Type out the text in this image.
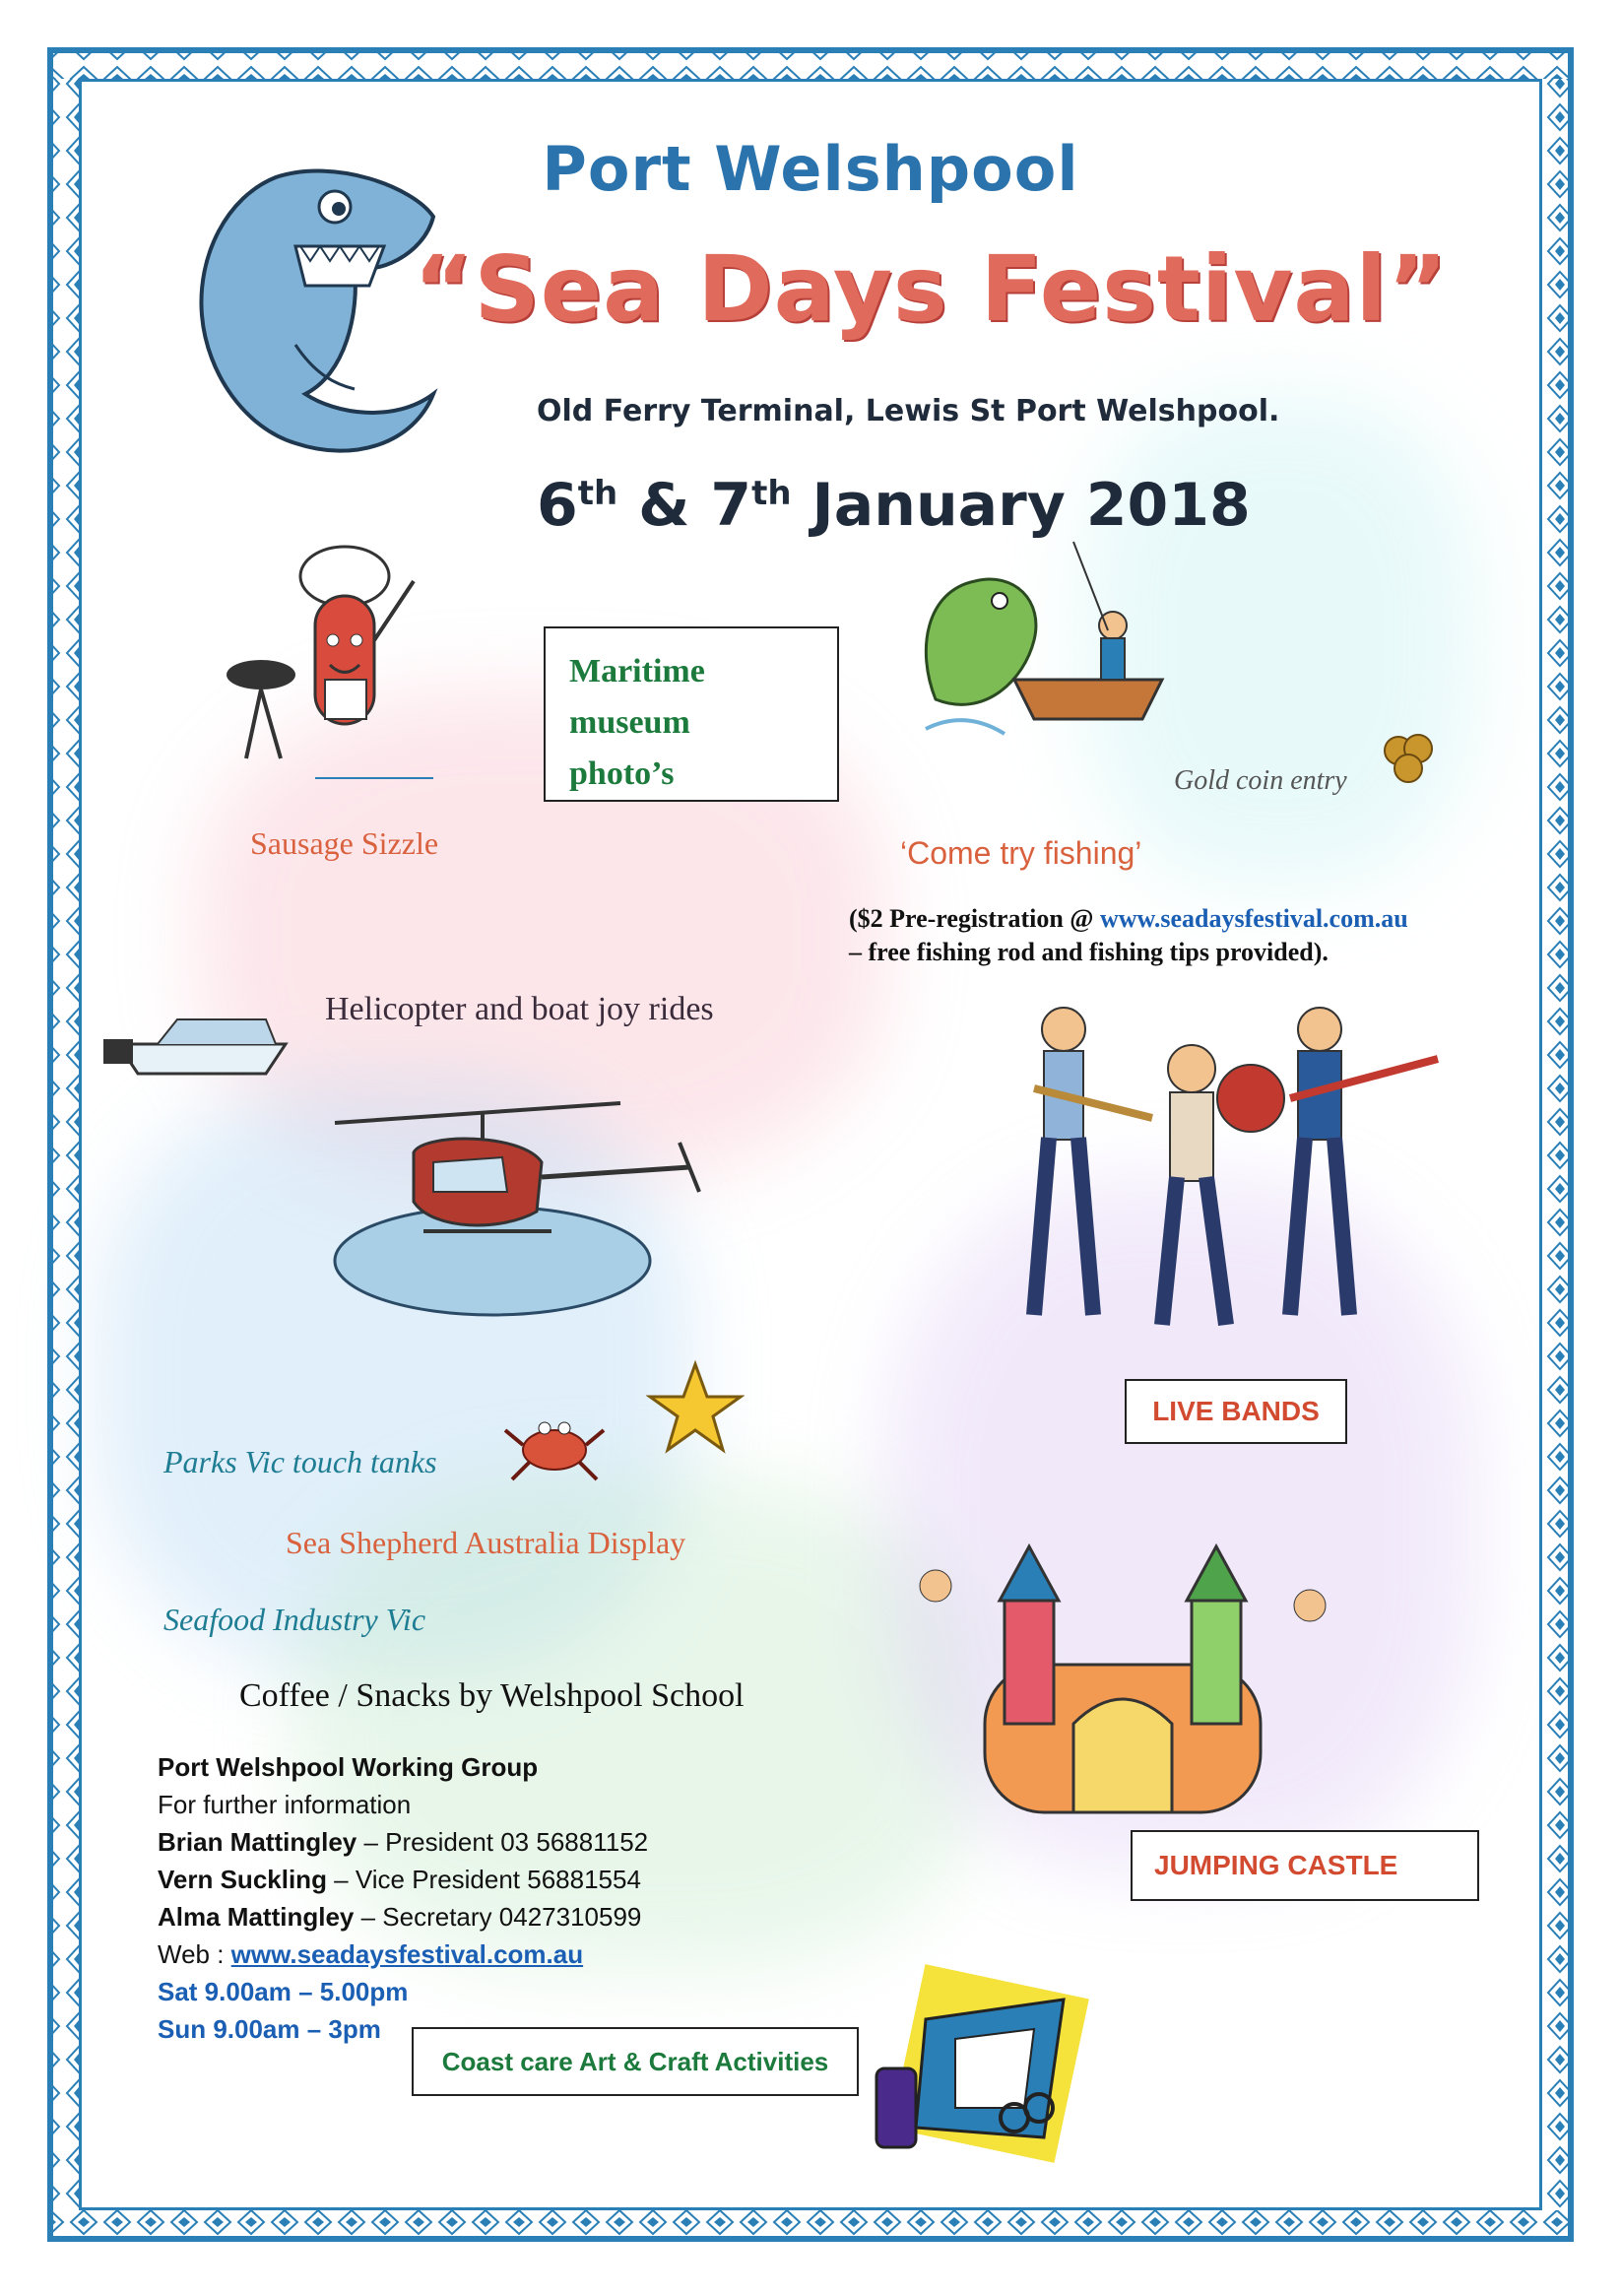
Port Welshpool
“Sea Days Festival”
Old Ferry Terminal, Lewis St Port Welshpool.
6th & 7th January 2018
Sausage Sizzle
Maritime
museum
photo’s	Gold coin entry
‘Come try fishing’
($2 Pre-registration @ www.seadaysfestival.com.au
– free fishing rod and fishing tips provided).
Helicopter and boat joy rides
LIVE BANDS
Parks Vic touch tanks
Sea Shepherd Australia Display
Seafood Industry Vic
Coffee / Snacks by Welshpool School
JUMPING CASTLE
Port Welshpool Working Group
For further information
Brian Mattingley – President 03 56881152
Vern Suckling – Vice President 56881554
Alma Mattingley – Secretary 0427310599
Web : www.seadaysfestival.com.au
Sat 9.00am – 5.00pm
Sun 9.00am – 3pm
Coast care Art & Craft Activities
